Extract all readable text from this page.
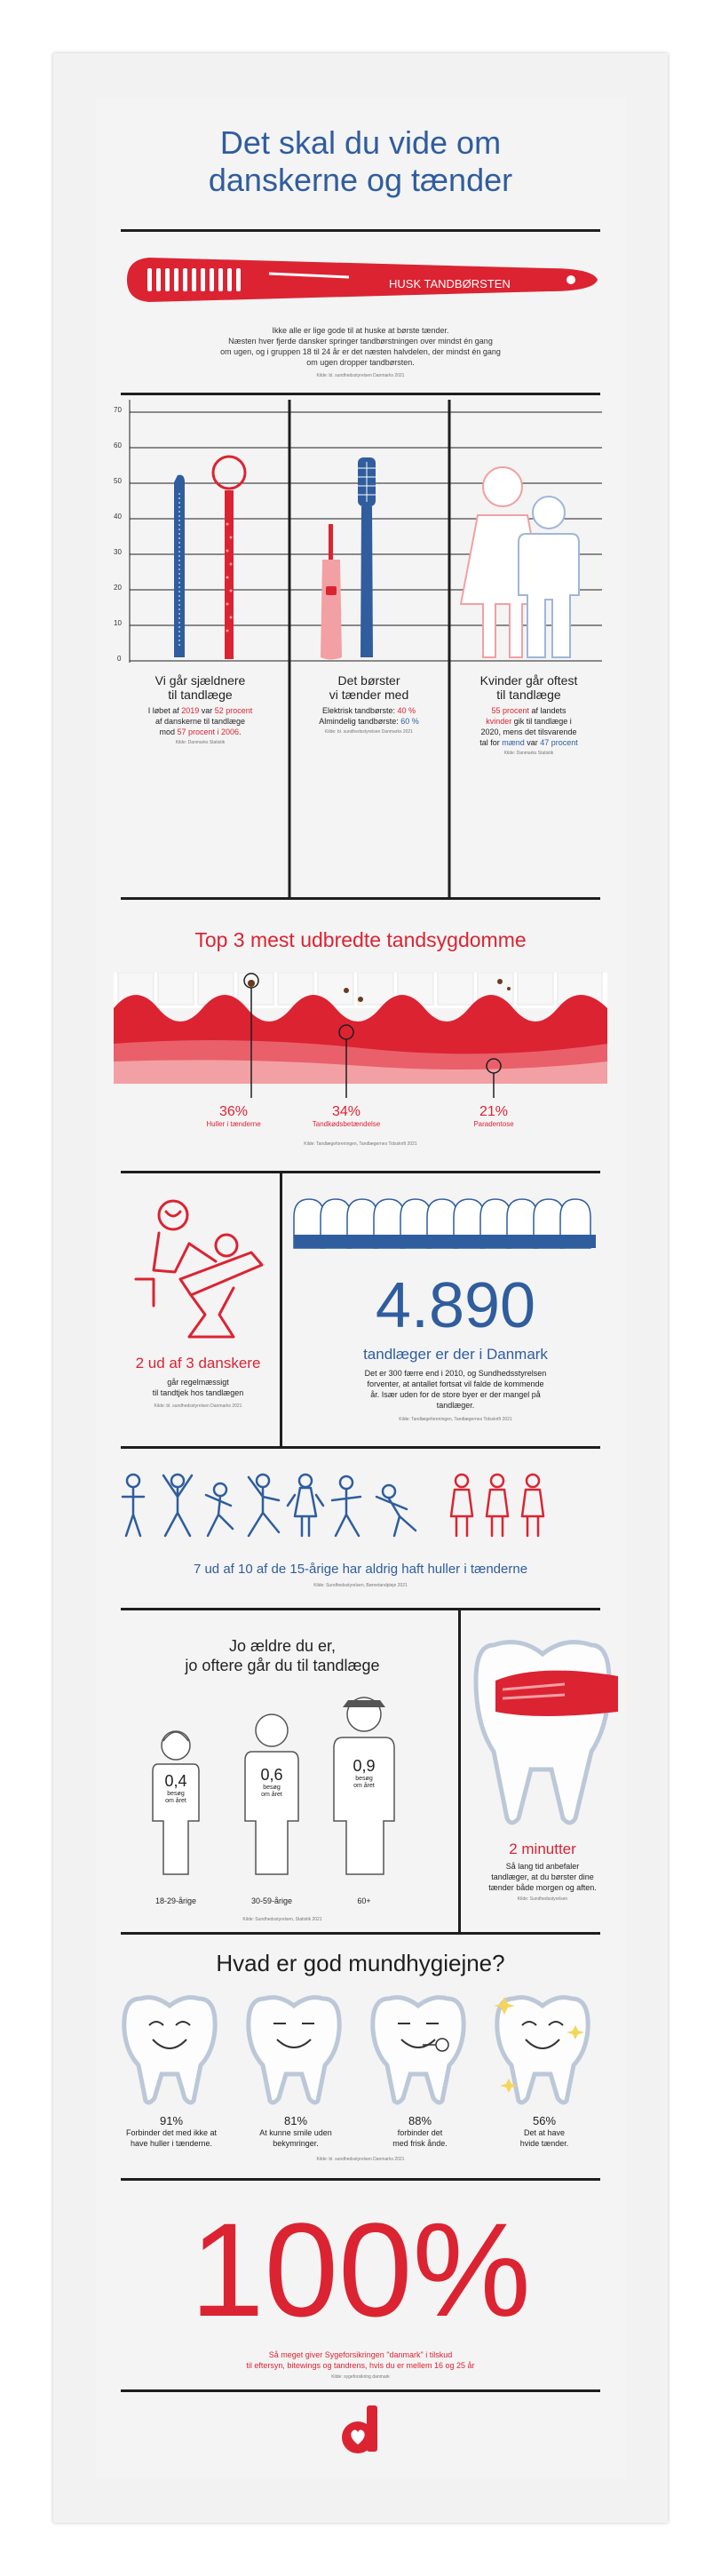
Det skal du vide om
danskerne og tænder
HUSK TANDBØRSTEN
Ikke alle er lige gode til at huske at børste tænder.
Næsten hver fjerde dansker springer tandbørstningen over mindst én gang
om ugen, og i gruppen 18 til 24 år er det næsten halvdelen, der mindst én gang
om ugen dropper tandbørsten.
Kilde: bl. sundhedsstyrelsen Danmarks 2021
70
60
50
40
30
20
10
0
Vi går sjældnere
til tandlæge
I løbet af 2019 var 52 procent
af danskerne til tandlæge
mod 57 procent i 2006.
Kilde: Danmarks Statistik
Det børster
vi tænder med
Elektrisk tandbørste: 40 %
Almindelig tandbørste: 60 %
Kilde: bl. sundhedsstyrelsen Danmarks 2021
Kvinder går oftest
til tandlæge
55 procent af landets
kvinder gik til tandlæge i
2020, mens det tilsvarende
tal for mænd var 47 procent
Kilde: Danmarks Statistik
Top 3 mest udbredte tandsygdomme
36%
Huller i tænderne
34%
Tandkødsbetændelse
21%
Paradentose
Kilde: Tandlægeforeningen, Tandlægernes Tidsskrift 2021
2 ud af 3 danskere
går regelmæssigt
til tandtjek hos tandlægen
Kilde: bl. sundhedsstyrelsen Danmarks 2021
4.890
tandlæger er der i Danmark
Det er 300 færre end i 2010, og Sundhedsstyrelsen
forventer, at antallet fortsat vil falde de kommende
år. Især uden for de store byer er der mangel på
tandlæger.
Kilde: Tandlægeforeningen, Tandlægernes Tidsskrift 2021
7 ud af 10 af de 15-årige har aldrig haft huller i tænderne
Kilde: Sundhedsstyrelsen, Børnetandpleje 2021
Jo ældre du er,
jo oftere går du til tandlæge
0,4
besøg
om året
0,6
besøg
om året
0,9
besøg
om året
18-29-årige	30-59-årige	60+
Kilde: Sundhedsstyrelsen, Statistik 2021
2 minutter
Så lang tid anbefaler
tandlæger, at du børster dine
tænder både morgen og aften.
Kilde: Sundhedsstyrelsen
Hvad er god mundhygiejne?
91%
Forbinder det med ikke at
have huller i tænderne.
81%
At kunne smile uden
bekymringer.
88%
forbinder det
med frisk ånde.
56%
Det at have
hvide tænder.
Kilde: bl. sundhedsstyrelsen Danmarks 2021
100%
Så meget giver Sygeforsikringen "danmark" i tilskud
til eftersyn, bitewings og tandrens, hvis du er mellem 16 og 25 år
Kilde: sygeforsikring danmark
